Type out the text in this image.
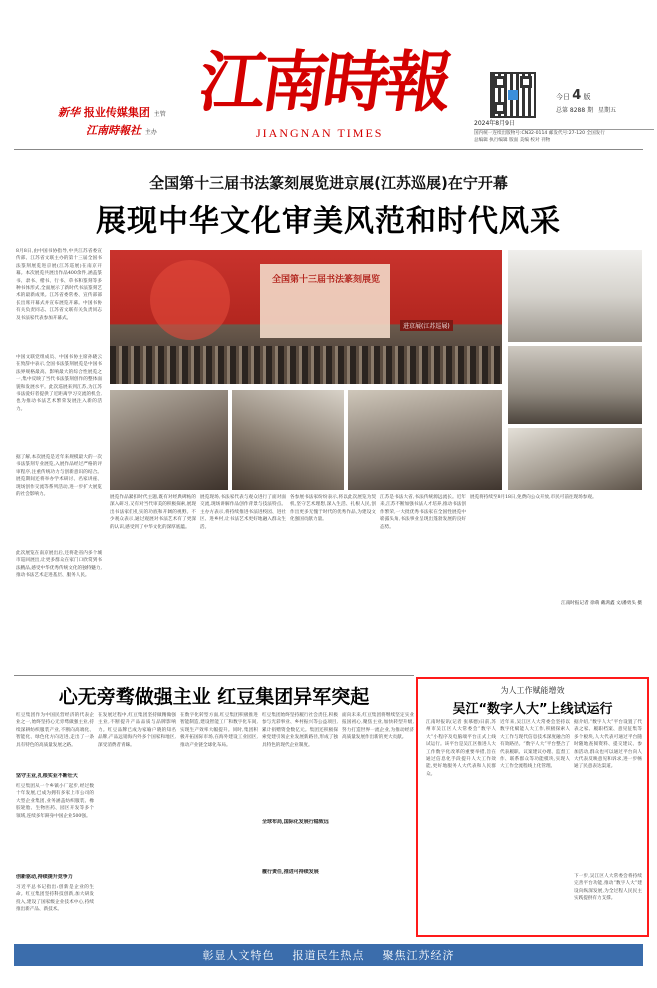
新华 报业传媒集团 主管
江南時報社 主办
江南時報
JIANGNAN TIMES
今日 4 版
总第 8288 期 星期五
2024年8月9日
国内统一连续出版物号:CN32-0114 邮发代号:27-120 全国发行
总编辑 执行编辑 版面 美编 校对 刊物
全国第十三届书法篆刻展览进京展(江苏巡展)在宁开幕
展现中华文化审美风范和时代风采

8月8日,由中国书协指导,中共江苏省委宣传部、江苏省文联主办的第十三届全国书法篆刻展览进京展(江苏巡展)在南京开幕。本次展览共展出作品400余件,涵盖篆书、隶书、楷书、行书、草书和篆刻等多种书体形式,全面展示了新时代书法篆刻艺术的最新成果。江苏省委常委、宣传部部长出席开幕式并宣布展览开幕。中国书协有关负责同志、江苏省文联有关负责同志及书法家代表参加开幕式。

中国文联党组成员、中国书协主席孙晓云在致辞中表示,全国书法篆刻展览是中国书法界规格最高、影响最大的综合性展览之一,集中反映了当代书法篆刻创作的整体面貌和发展水平。此次巡展来到江苏,为江苏书法爱好者提供了近距离学习交流的机会,也为推动书法艺术繁荣发展注入新的活力。

据了解,本次展览是近年来规模最大的一次书法篆刻专业展览,入展作品经过严格的评审程序,注重传统功力与创新意识的结合。展览期间还将举办学术研讨、名家讲座、现场创作交流等系列活动,进一步扩大展览的社会影响力。

此次展览在南京展出后,还将赴省内多个城市巡回展出,让更多群众在家门口欣赏到书法精品,感受中华优秀传统文化的独特魅力,推动书法艺术走进基层、服务人民。

全国第十三届书法篆刻展览
进京展(江苏巡展)

展览作品紧扣时代主题,既有对经典碑帖的深入研习,又有对当代审美的积极探索,展现出书法家们扎实的功底和开阔的视野。不少观众表示,通过观展对书法艺术有了更深的认识,感受到了中华文化的深厚底蕴。

展览现场,书法家代表与观众进行了面对面交流,现场讲解作品创作背景与技法特点。主办方表示,将持续推进书法进校园、进社区、进乡村,让书法艺术更好地融入群众生活。

各参展书法家纷纷表示,将以此次展览为契机,坚守艺术理想,深入生活、扎根人民,创作出更多无愧于时代的优秀作品,为建设文化强国贡献力量。

江苏是书法大省,书法传统源远流长。近年来,江苏不断加强书法人才培养,推动书法创作繁荣,一大批优秀书法家在全国性展览中崭露头角,书法事业呈现出蓬勃发展的良好态势。

展览将持续至8月18日,免费向公众开放,市民可前往现场参观。

江南时报记者 徐萌 戴鸿鑫 文/潘勇头 摄

心无旁骛做强主业 红豆集团异军突起

红豆集团作为中国民营经济的代表企业之一,始终坚持心无旁骛做强主业,持续深耕纺织服装产业,不断向高端化、智能化、绿色化方向迈进,走出了一条具有特色的高质量发展之路。

坚守主业,扎根实业不断壮大

红豆集团从一个乡镇小厂起步,经过数十年发展,已成为拥有多家上市公司的大型企业集团,业务涵盖纺织服装、橡胶轮胎、生物医药、园区开发等多个领域,连续多年跻身中国企业500强。

创新驱动,持续提升竞争力

习近平总书记指出:创新是企业的生命。红豆集团坚持科技创新,加大研发投入,建设了国家级企业技术中心,持续推出新产品、新技术。

在发展过程中,红豆集团坚持做精做强主业,不断提升产品品质与品牌影响力。红豆品牌已成为家喻户晓的知名品牌,产品远销海内外多个国家和地区,深受消费者青睐。

在数字化转型方面,红豆集团积极推进智能制造,建设智能工厂和数字化车间,实现生产效率大幅提升。同时,集团积极开拓国际市场,在海外建设工业园区,推动产业链全球化布局。

红豆集团始终坚持履行社会责任,积极参与光彩事业、乡村振兴等公益项目,累计捐赠资金数亿元。集团还积极探索党建引领企业发展新路径,形成了独具特色的现代企业制度。

全球布局,国际化发展行稳致远

履行责任,推进可持续发展

面向未来,红豆集团将继续坚定实业报国初心,聚焦主业,加快转型升级,努力打造世界一流企业,为推动经济高质量发展作出新的更大贡献。

为人工作赋能增效
吴江“数字人大”上线试运行

江南时报讯(记者 张慕德)日前,苏州市吴江区人大常委会“数字人大”小程序及电脑端平台正式上线试运行。该平台是吴江区推进人大工作数字化改革的重要举措,旨在通过信息化手段提升人大工作效能,更好地服务人大代表和人民群众。

近年来,吴江区人大常委会坚持以数字化赋能人大工作,积极探索人大工作与现代信息技术深度融合的有效路径。“数字人大”平台整合了代表履职、议案建议办理、监督工作、联系群众等功能模块,实现人大工作全流程线上化管理。

据介绍,“数字人大”平台设置了代表之家、履职档案、意见征集等多个板块,人大代表可通过平台随时随地查阅资料、提交建议、参加活动,群众也可以通过平台向人大代表反映意见和诉求,进一步畅通了民意表达渠道。

下一步,吴江区人大常委会将持续完善平台功能,推动“数字人大”建设向纵深发展,为全过程人民民主实践提供有力支撑。

彰显人文特色 报道民生热点 聚焦江苏经济
